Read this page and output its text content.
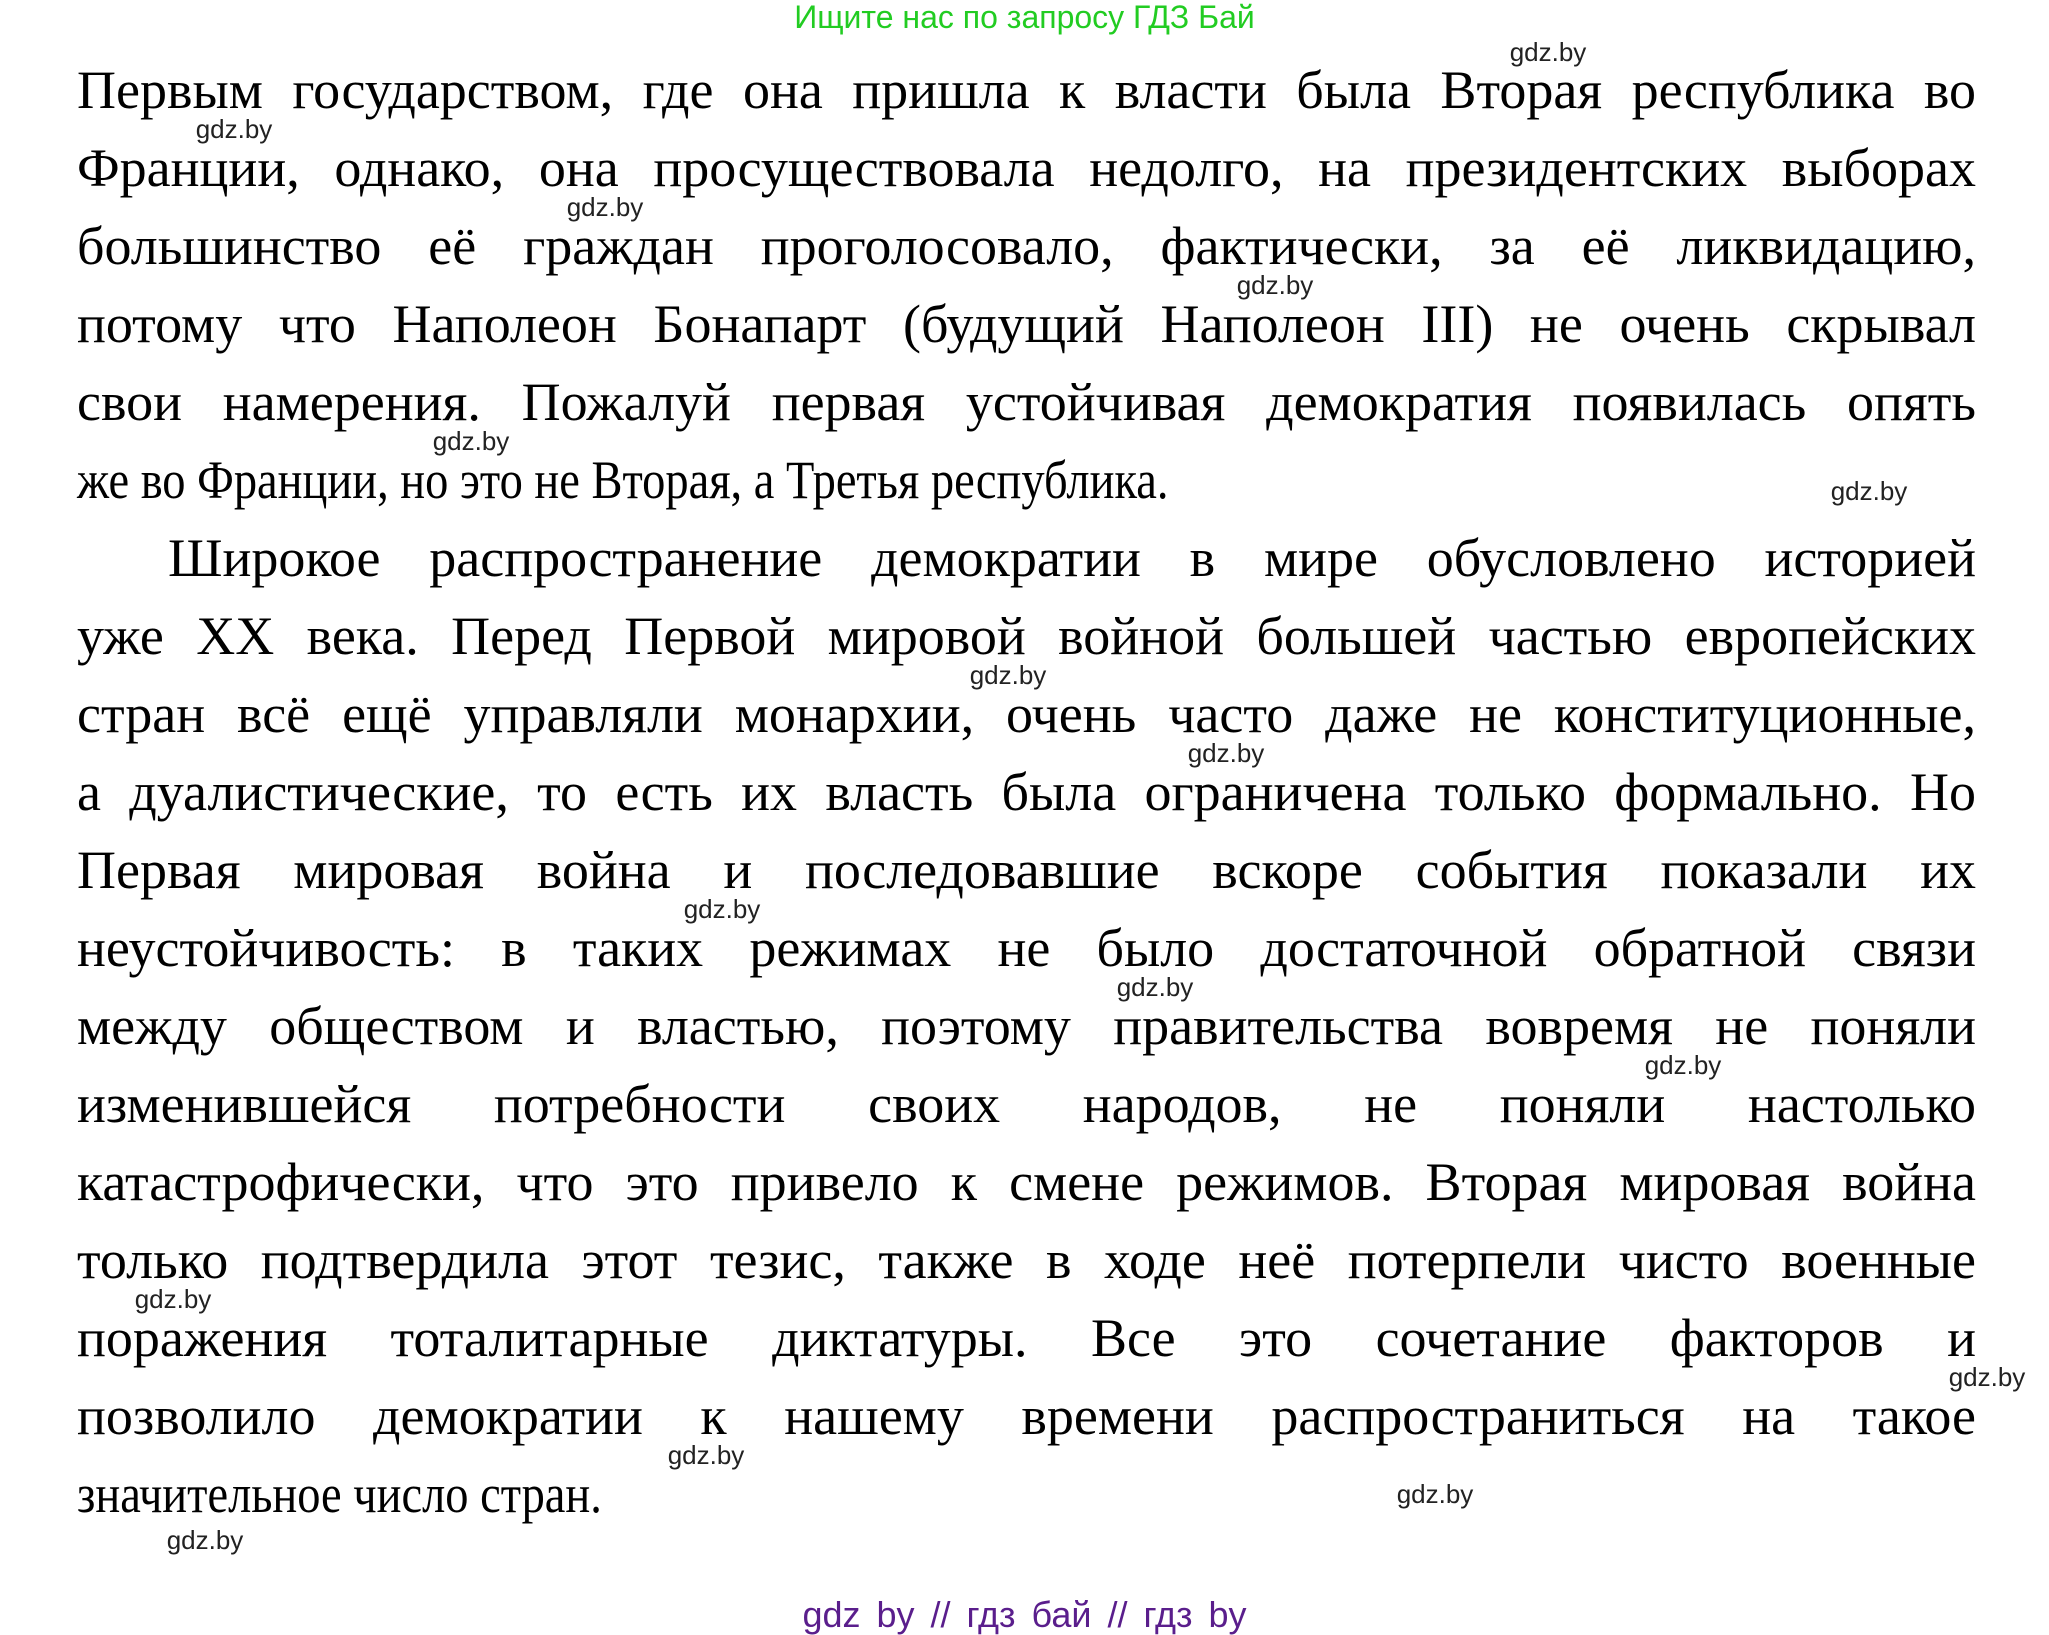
Ищите нас по запросу ГДЗ Бай
Первым государством, где она пришла к власти была Вторая республика во
Франции, однако, она просуществовала недолго, на президентских выборах
большинство её граждан проголосовало, фактически, за её ликвидацию,
потому что Наполеон Бонапарт (будущий Наполеон III) не очень скрывал
свои намерения. Пожалуй первая устойчивая демократия появилась опять
же во Франции, но это не Вторая, а Третья республика.
Широкое распространение демократии в мире обусловлено историей
уже XX века. Перед Первой мировой войной большей частью европейских
стран всё ещё управляли монархии, очень часто даже не конституционные,
а дуалистические, то есть их власть была ограничена только формально. Но
Первая мировая война и последовавшие вскоре события показали их
неустойчивость: в таких режимах не было достаточной обратной связи
между обществом и властью, поэтому правительства вовремя не поняли
изменившейся потребности своих народов, не поняли настолько
катастрофически, что это привело к смене режимов. Вторая мировая война
только подтвердила этот тезис, также в ходе неё потерпели чисто военные
поражения тоталитарные диктатуры. Все это сочетание факторов и
позволило демократии к нашему времени распространиться на такое
значительное число стран.
gdz.by
gdz.by
gdz.by
gdz.by
gdz.by
gdz.by
gdz.by
gdz.by
gdz.by
gdz.by
gdz.by
gdz.by
gdz.by
gdz.by
gdz.by
gdz.by
gdz by // гдз бай // гдз by
